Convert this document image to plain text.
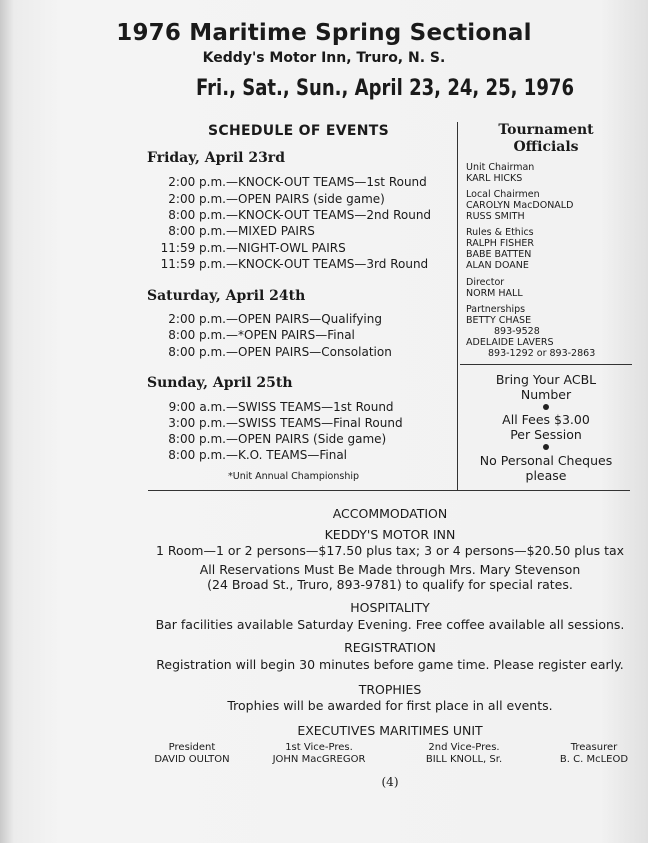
1976 Maritime Spring Sectional
Keddy's Motor Inn, Truro, N. S.
Fri., Sat., Sun., April 23, 24, 25, 1976
SCHEDULE OF EVENTS
Friday, April 23rd
2:00 p.m.—KNOCK-OUT TEAMS—1st Round
2:00 p.m.—OPEN PAIRS (side game)
8:00 p.m.—KNOCK-OUT TEAMS—2nd Round
8:00 p.m.—MIXED PAIRS
11:59 p.m.—NIGHT-OWL PAIRS
11:59 p.m.—KNOCK-OUT TEAMS—3rd Round
Saturday, April 24th
2:00 p.m.—OPEN PAIRS—Qualifying
8:00 p.m.—*OPEN PAIRS—Final
8:00 p.m.—OPEN PAIRS—Consolation
Sunday, April 25th
9:00 a.m.—SWISS TEAMS—1st Round
3:00 p.m.—SWISS TEAMS—Final Round
8:00 p.m.—OPEN PAIRS (Side game)
8:00 p.m.—K.O. TEAMS—Final
*Unit Annual Championship
Tournament
Officials
Unit Chairman
KARL HICKS
Local Chairmen
CAROLYN MacDONALD
RUSS SMITH
Rules & Ethics
RALPH FISHER
BABE BATTEN
ALAN DOANE
Director
NORM HALL
Partnerships
BETTY CHASE
893-9528
ADELAIDE LAVERS
893-1292 or 893-2863
Bring Your ACBL
Number
All Fees $3.00
Per Session
No Personal Cheques
please
ACCOMMODATION
KEDDY'S MOTOR INN
1 Room—1 or 2 persons—$17.50 plus tax; 3 or 4 persons—$20.50 plus tax
All Reservations Must Be Made through Mrs. Mary Stevenson
(24 Broad St., Truro, 893-9781) to qualify for special rates.
HOSPITALITY
Bar facilities available Saturday Evening. Free coffee available all sessions.
REGISTRATION
Registration will begin 30 minutes before game time. Please register early.
TROPHIES
Trophies will be awarded for first place in all events.
EXECUTIVES MARITIMES UNIT
President
DAVID OULTON
1st Vice-Pres.
JOHN MacGREGOR
2nd Vice-Pres.
BILL KNOLL, Sr.
Treasurer
B. C. McLEOD
(4)
